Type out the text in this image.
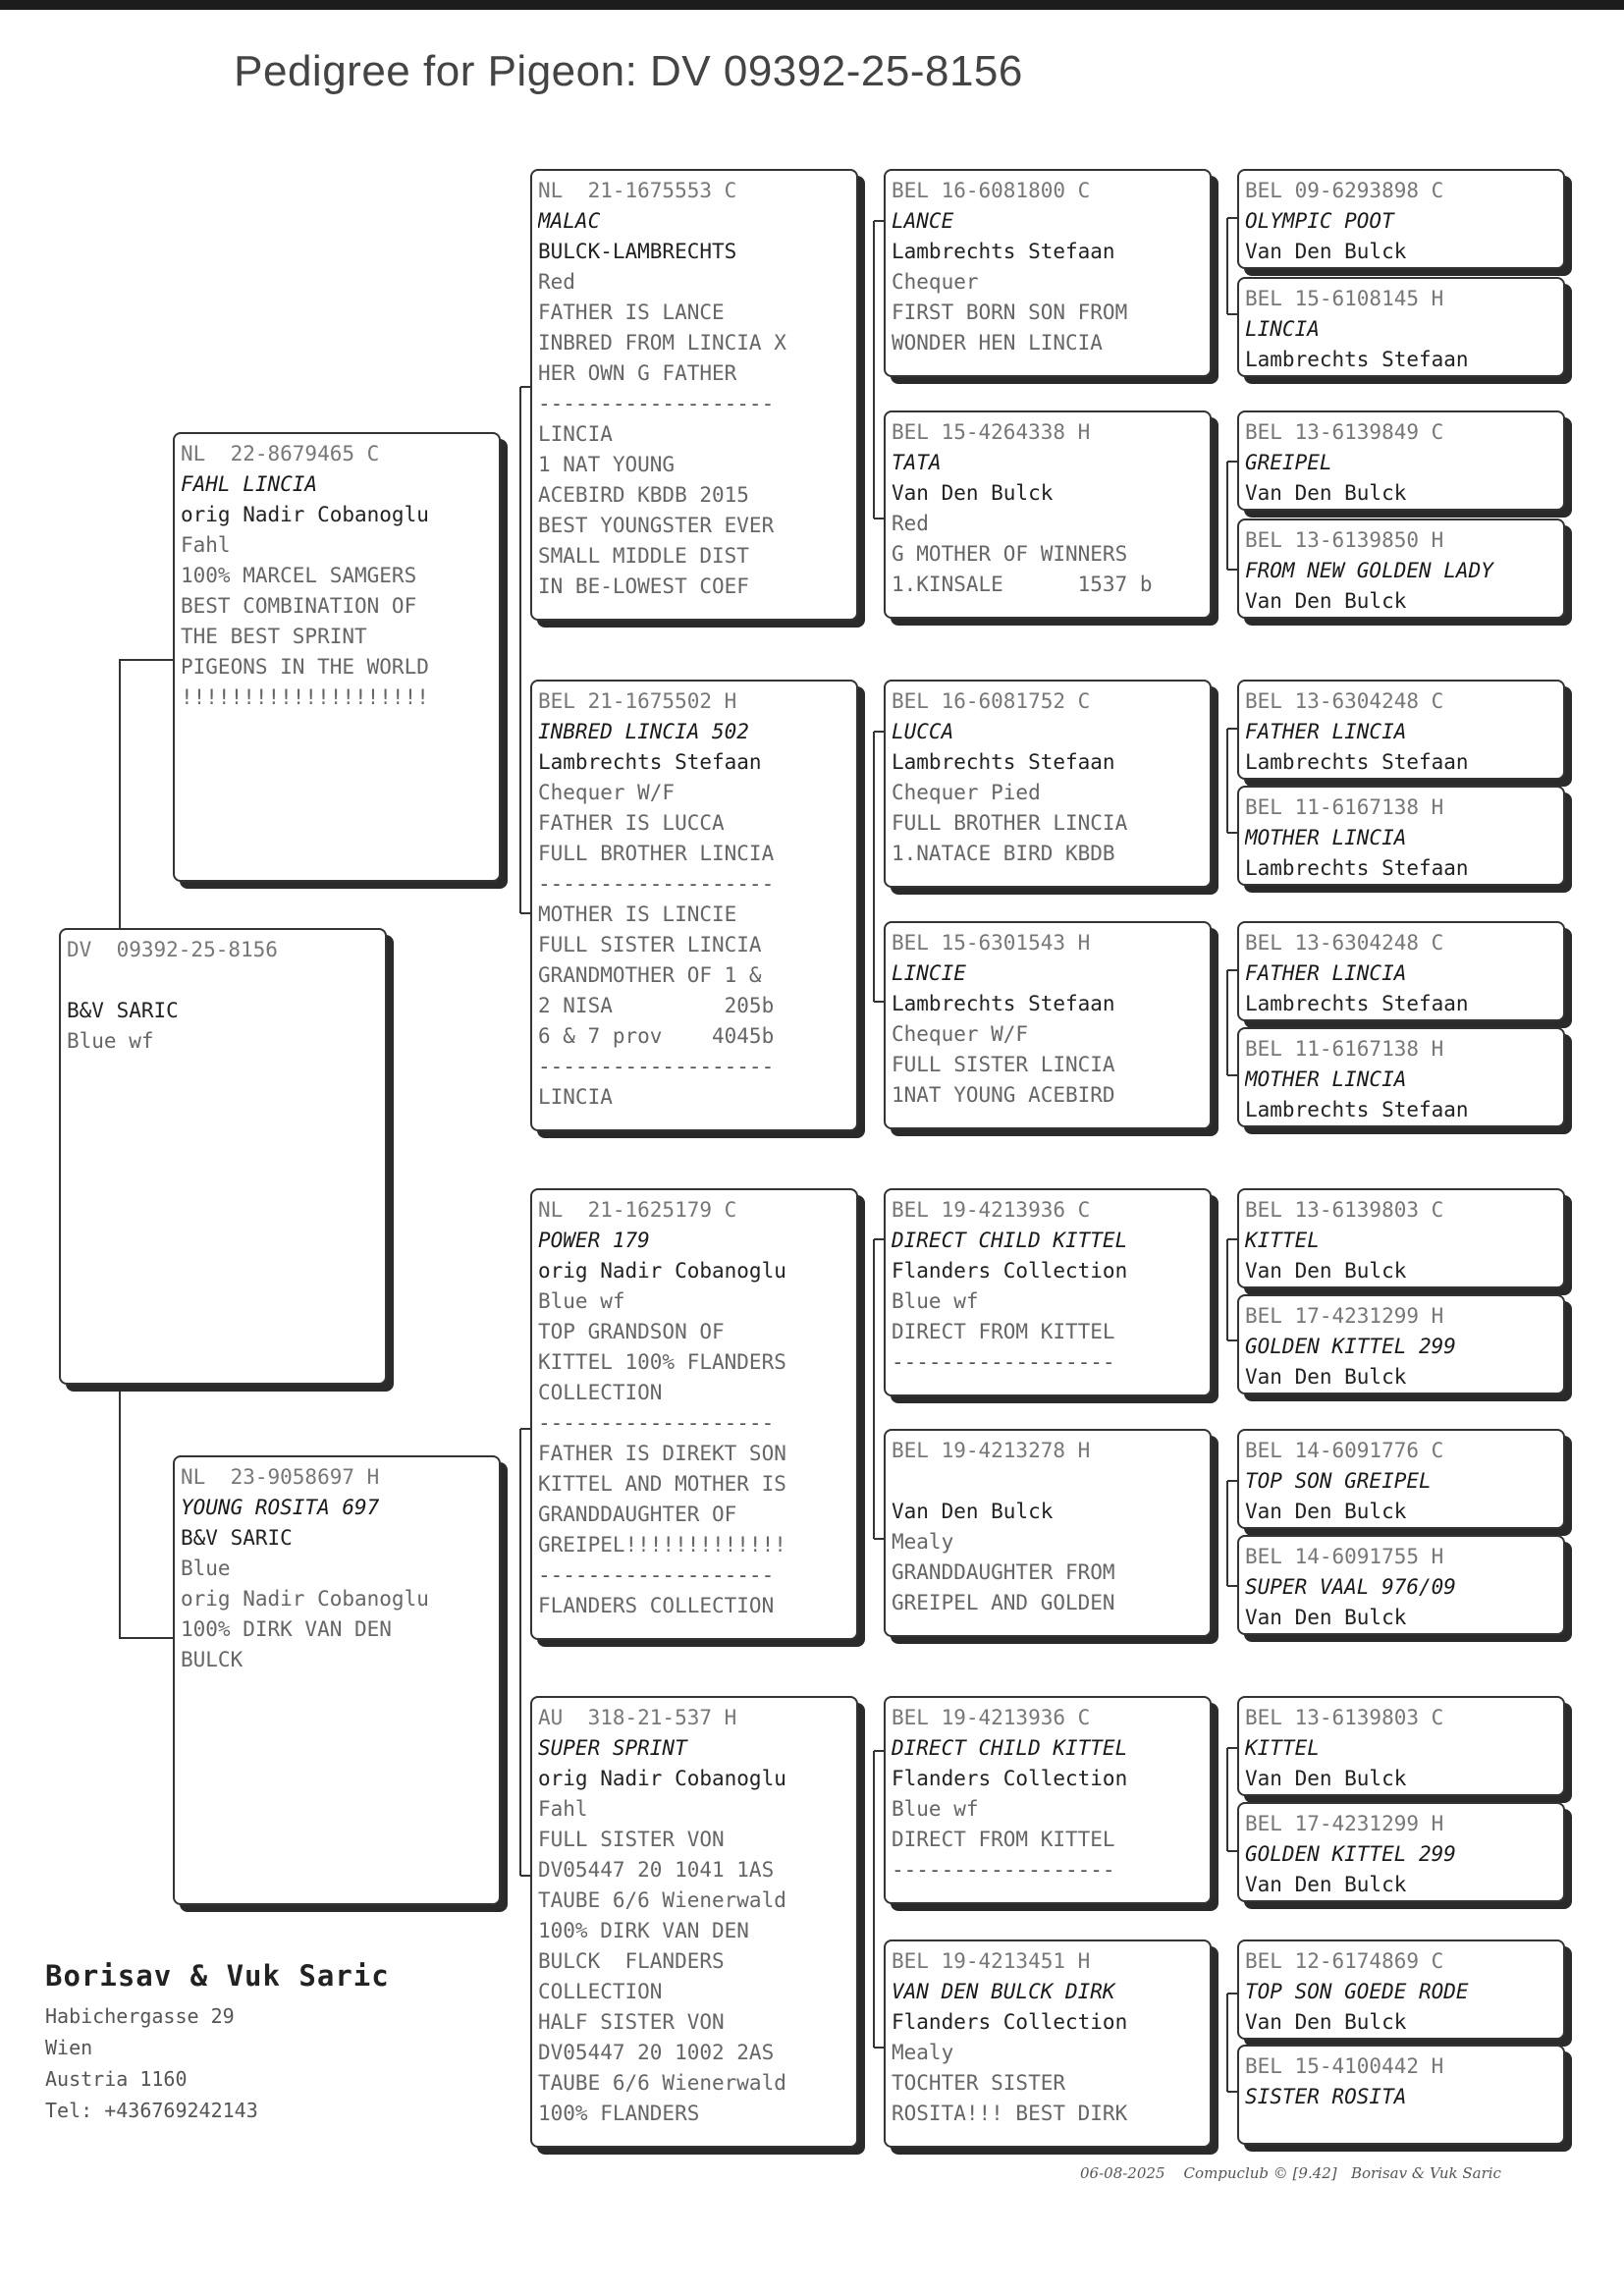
Pedigree for Pigeon: DV 09392-25-8156
DV  09392-25-8156
B&V SARIC
Blue wf
NL  22-8679465 C
FAHL LINCIA
orig Nadir Cobanoglu
Fahl
100% MARCEL SAMGERS
BEST COMBINATION OF
THE BEST SPRINT
PIGEONS IN THE WORLD
!!!!!!!!!!!!!!!!!!!!
NL  23-9058697 H
YOUNG ROSITA 697
B&V SARIC
Blue
orig Nadir Cobanoglu
100% DIRK VAN DEN
BULCK
NL  21-1675553 C
MALAC
BULCK-LAMBRECHTS
Red
FATHER IS LANCE
INBRED FROM LINCIA X
HER OWN G FATHER
-------------------
LINCIA
1 NAT YOUNG
ACEBIRD KBDB 2015
BEST YOUNGSTER EVER
SMALL MIDDLE DIST
IN BE-LOWEST COEF
BEL 21-1675502 H
INBRED LINCIA 502
Lambrechts Stefaan
Chequer W/F
FATHER IS LUCCA
FULL BROTHER LINCIA
-------------------
MOTHER IS LINCIE
FULL SISTER LINCIA
GRANDMOTHER OF 1 &
2 NISA         205b
6 & 7 prov    4045b
-------------------
LINCIA
NL  21-1625179 C
POWER 179
orig Nadir Cobanoglu
Blue wf
TOP GRANDSON OF
KITTEL 100% FLANDERS
COLLECTION
-------------------
FATHER IS DIREKT SON
KITTEL AND MOTHER IS
GRANDDAUGHTER OF
GREIPEL!!!!!!!!!!!!!
-------------------
FLANDERS COLLECTION
AU  318-21-537 H
SUPER SPRINT
orig Nadir Cobanoglu
Fahl
FULL SISTER VON
DV05447 20 1041 1AS
TAUBE 6/6 Wienerwald
100% DIRK VAN DEN
BULCK  FLANDERS
COLLECTION
HALF SISTER VON
DV05447 20 1002 2AS
TAUBE 6/6 Wienerwald
100% FLANDERS
BEL 16-6081800 C
LANCE
Lambrechts Stefaan
Chequer
FIRST BORN SON FROM
WONDER HEN LINCIA
BEL 15-4264338 H
TATA
Van Den Bulck
Red
G MOTHER OF WINNERS
1.KINSALE      1537 b
BEL 16-6081752 C
LUCCA
Lambrechts Stefaan
Chequer Pied
FULL BROTHER LINCIA
1.NATACE BIRD KBDB
BEL 15-6301543 H
LINCIE
Lambrechts Stefaan
Chequer W/F
FULL SISTER LINCIA
1NAT YOUNG ACEBIRD
BEL 19-4213936 C
DIRECT CHILD KITTEL
Flanders Collection
Blue wf
DIRECT FROM KITTEL
------------------
BEL 19-4213278 H
Van Den Bulck
Mealy
GRANDDAUGHTER FROM
GREIPEL AND GOLDEN
BEL 19-4213936 C
DIRECT CHILD KITTEL
Flanders Collection
Blue wf
DIRECT FROM KITTEL
------------------
BEL 19-4213451 H
VAN DEN BULCK DIRK
Flanders Collection
Mealy
TOCHTER SISTER
ROSITA!!! BEST DIRK
BEL 09-6293898 C
OLYMPIC POOT
Van Den Bulck
BEL 15-6108145 H
LINCIA
Lambrechts Stefaan
BEL 13-6139849 C
GREIPEL
Van Den Bulck
BEL 13-6139850 H
FROM NEW GOLDEN LADY
Van Den Bulck
BEL 13-6304248 C
FATHER LINCIA
Lambrechts Stefaan
BEL 11-6167138 H
MOTHER LINCIA
Lambrechts Stefaan
BEL 13-6304248 C
FATHER LINCIA
Lambrechts Stefaan
BEL 11-6167138 H
MOTHER LINCIA
Lambrechts Stefaan
BEL 13-6139803 C
KITTEL
Van Den Bulck
BEL 17-4231299 H
GOLDEN KITTEL 299
Van Den Bulck
BEL 14-6091776 C
TOP SON GREIPEL
Van Den Bulck
BEL 14-6091755 H
SUPER VAAL 976/09
Van Den Bulck
BEL 13-6139803 C
KITTEL
Van Den Bulck
BEL 17-4231299 H
GOLDEN KITTEL 299
Van Den Bulck
BEL 12-6174869 C
TOP SON GOEDE RODE
Van Den Bulck
BEL 15-4100442 H
SISTER ROSITA
Borisav & Vuk Saric
Habichergasse 29
Wien
Austria 1160
Tel: +436769242143
06-08-2025    Compuclub © [9.42]   Borisav & Vuk Saric
